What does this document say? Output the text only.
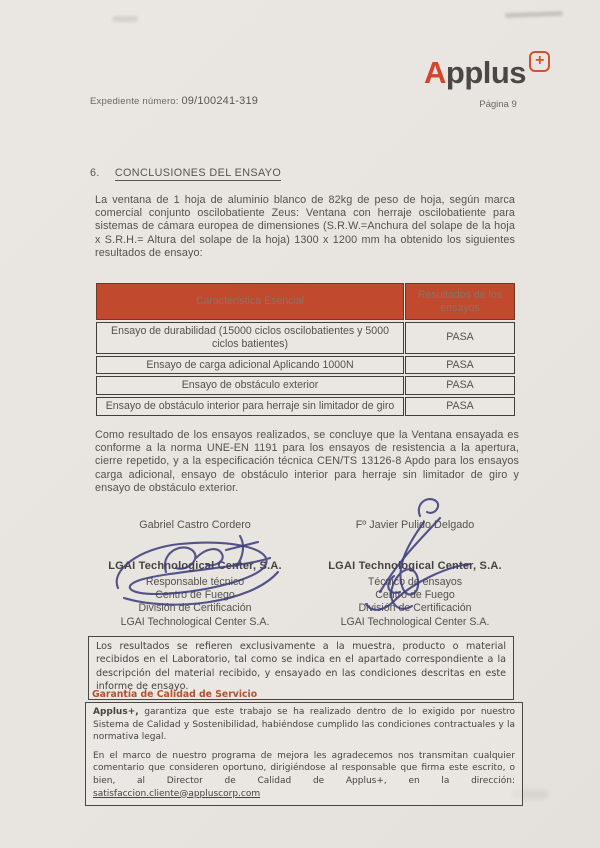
Expediente número: 09/100241-319
Applus +
Página 9
6. CONCLUSIONES DEL ENSAYO
La ventana de 1 hoja de aluminio blanco de 82kg de peso de hoja, según marca comercial conjunto oscilobatiente Zeus: Ventana con herraje oscilobatiente para sistemas de cámara europea de dimensiones (S.R.W.=Anchura del solape de la hoja x S.R.H.= Altura del solape de la hoja) 1300 x 1200 mm ha obtenido los siguientes resultados de ensayo:
Característica Esencial	Resultados de los ensayos
Ensayo de durabilidad (15000 ciclos oscilobatientes y 5000 ciclos batientes)	PASA
Ensayo de carga adicional Aplicando 1000N	PASA
Ensayo de obstáculo exterior	PASA
Ensayo de obstáculo interior para herraje sin limitador de giro	PASA
Como resultado de los ensayos realizados, se concluye que la Ventana ensayada es conforme a la norma UNE-EN 1191 para los ensayos de resistencia a la apertura, cierre repetido, y a la especificación técnica CEN/TS 13126-8 Apdo para los ensayos carga adicional, ensayo de obstáculo interior para herraje sin limitador de giro y ensayo de obstáculo exterior.
Gabriel Castro Cordero
LGAI Technological Center, S.A.
Responsable técnico
Centro de Fuego
División de Certificación
LGAI Technological Center S.A.
Fº Javier Pulido Delgado
LGAI Technological Center, S.A.
Técnico de ensayos
Centro de Fuego
División de Certificación
LGAI Technological Center S.A.
Los resultados se refieren exclusivamente a la muestra, producto o material recibidos en el Laboratorio, tal como se indica en el apartado correspondiente a la descripción del material recibido, y ensayado en las condiciones descritas en este informe de ensayo.
Garantía de Calidad de Servicio

Applus+, garantiza que este trabajo se ha realizado dentro de lo exigido por nuestro Sistema de Calidad y Sostenibilidad, habiéndose cumplido las condiciones contractuales y la normativa legal.

En el marco de nuestro programa de mejora les agradecemos nos transmitan cualquier comentario que consideren oportuno, dirigiéndose al responsable que firma este escrito, o bien, al Director de Calidad de Applus+, en la dirección: satisfaccion.cliente@appluscorp.com
